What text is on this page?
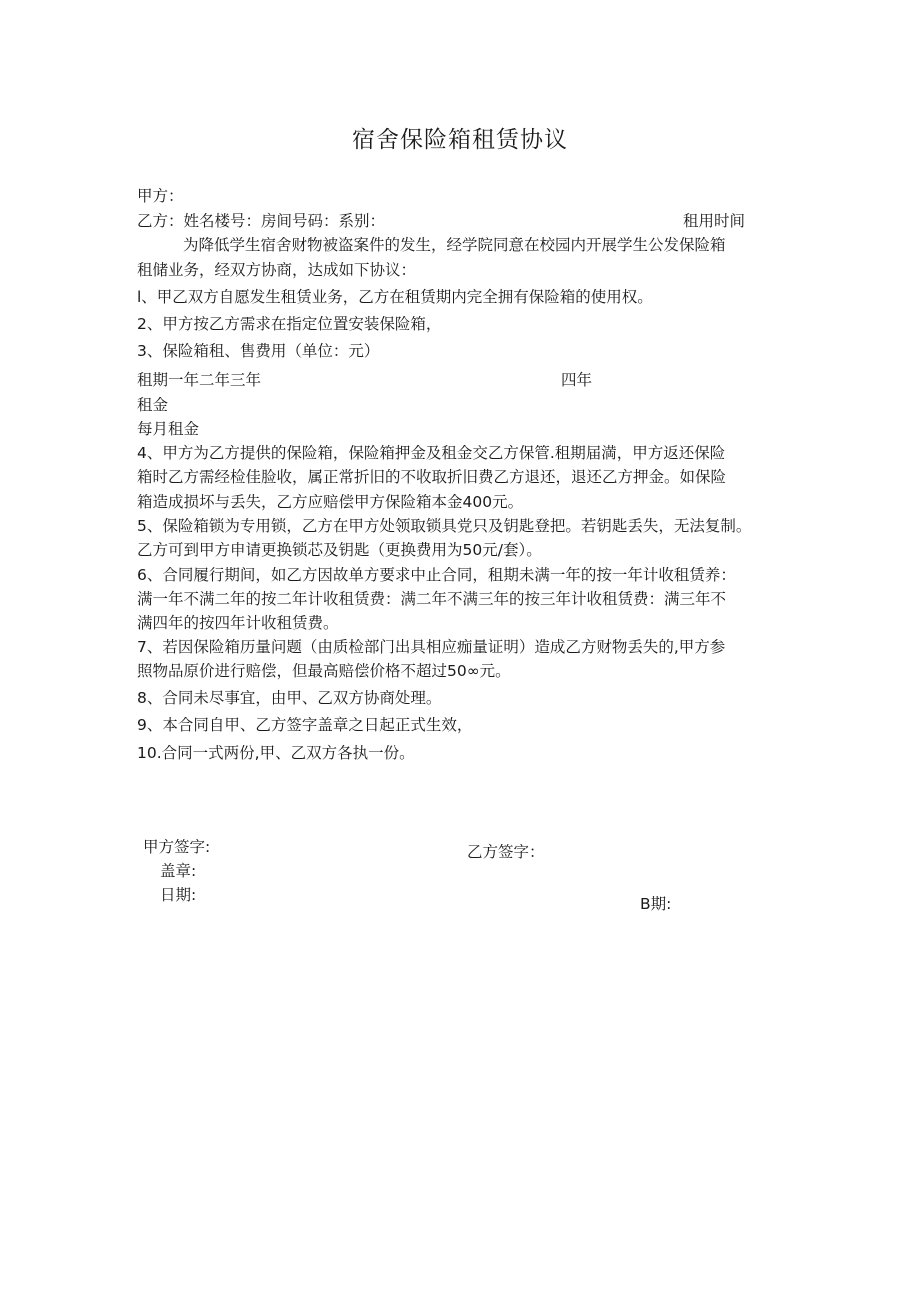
宿舍保险箱租赁协议

甲方：

乙方：姓名楼号：房间号码：系别：	租用时间

为降低学生宿舍财物被盗案件的发生，经学院同意在校园内开展学生公发保险箱

租储业务，经双方协商，达成如下协议：

l、甲乙双方自愿发生租赁业务，乙方在租赁期内完全拥有保险箱的使用权。

2、甲方按乙方需求在指定位置安装保险箱，

3、保险箱租、售费用（单位：元）

租期一年二年三年	四年

租金

每月租金

4、甲方为乙方提供的保险箱，保险箱押金及租金交乙方保管.租期届満，甲方返还保险

箱时乙方需经检佳脸收，属正常折旧的不收取折旧费乙方退还，退还乙方押金。如保险

箱造成损坏与丢失，乙方应赔偿甲方保险箱本金400元。

5、保险箱锁为专用锁，乙方在甲方处领取锁具党只及钥匙登把。若钥匙丢失，无法复制。

乙方可到甲方申请更换锁芯及钥匙（更换费用为50元/套）。

6、合同履行期间，如乙方因故单方要求中止合同，租期未满一年的按一年计收租赁养：

满一年不满二年的按二年计收租赁费：满二年不满三年的按三年计收租赁费：满三年不

满四年的按四年计收租赁费。

7、若因保险箱历量问题（由质检部门出具相应痂量证明）造成乙方财物丢失的,甲方参

照物品原价进行赔偿，但最高赔偿价格不超过50∞元。

8、合同未尽事宜，由甲、乙双方协商处理。

9、本合同自甲、乙方签字盖章之日起正式生效，

10.合同一式两份,甲、乙双方各执一份。

甲方签字:
盖章:
日期:
乙方签字：
B期:
